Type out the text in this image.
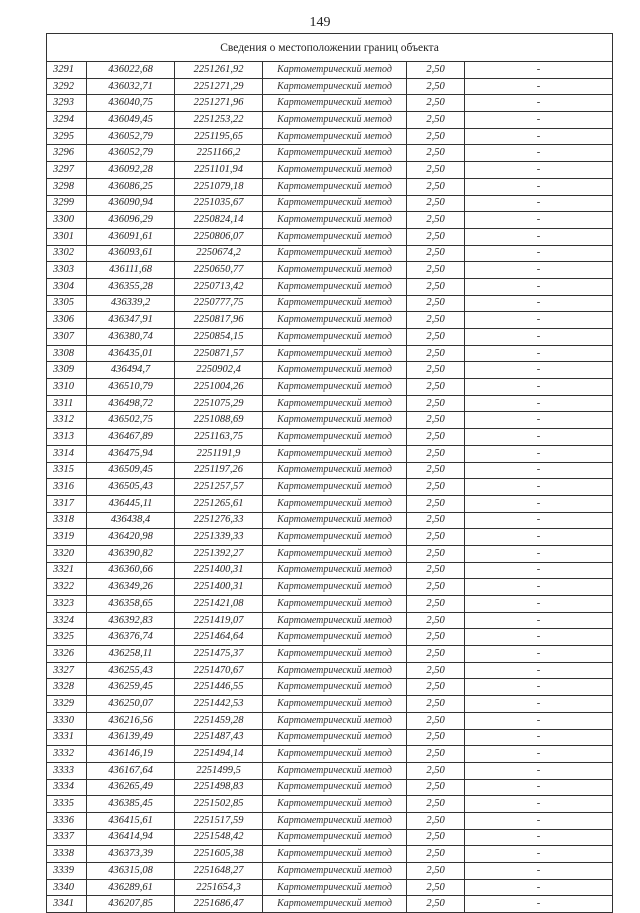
149
Сведения о местоположении границ объекта					
3291	436022,68	2251261,92	Картометрический метод	2,50	-
3292	436032,71	2251271,29	Картометрический метод	2,50	-
3293	436040,75	2251271,96	Картометрический метод	2,50	-
3294	436049,45	2251253,22	Картометрический метод	2,50	-
3295	436052,79	2251195,65	Картометрический метод	2,50	-
3296	436052,79	2251166,2	Картометрический метод	2,50	-
3297	436092,28	2251101,94	Картометрический метод	2,50	-
3298	436086,25	2251079,18	Картометрический метод	2,50	-
3299	436090,94	2251035,67	Картометрический метод	2,50	-
3300	436096,29	2250824,14	Картометрический метод	2,50	-
3301	436091,61	2250806,07	Картометрический метод	2,50	-
3302	436093,61	2250674,2	Картометрический метод	2,50	-
3303	436111,68	2250650,77	Картометрический метод	2,50	-
3304	436355,28	2250713,42	Картометрический метод	2,50	-
3305	436339,2	2250777,75	Картометрический метод	2,50	-
3306	436347,91	2250817,96	Картометрический метод	2,50	-
3307	436380,74	2250854,15	Картометрический метод	2,50	-
3308	436435,01	2250871,57	Картометрический метод	2,50	-
3309	436494,7	2250902,4	Картометрический метод	2,50	-
3310	436510,79	2251004,26	Картометрический метод	2,50	-
3311	436498,72	2251075,29	Картометрический метод	2,50	-
3312	436502,75	2251088,69	Картометрический метод	2,50	-
3313	436467,89	2251163,75	Картометрический метод	2,50	-
3314	436475,94	2251191,9	Картометрический метод	2,50	-
3315	436509,45	2251197,26	Картометрический метод	2,50	-
3316	436505,43	2251257,57	Картометрический метод	2,50	-
3317	436445,11	2251265,61	Картометрический метод	2,50	-
3318	436438,4	2251276,33	Картометрический метод	2,50	-
3319	436420,98	2251339,33	Картометрический метод	2,50	-
3320	436390,82	2251392,27	Картометрический метод	2,50	-
3321	436360,66	2251400,31	Картометрический метод	2,50	-
3322	436349,26	2251400,31	Картометрический метод	2,50	-
3323	436358,65	2251421,08	Картометрический метод	2,50	-
3324	436392,83	2251419,07	Картометрический метод	2,50	-
3325	436376,74	2251464,64	Картометрический метод	2,50	-
3326	436258,11	2251475,37	Картометрический метод	2,50	-
3327	436255,43	2251470,67	Картометрический метод	2,50	-
3328	436259,45	2251446,55	Картометрический метод	2,50	-
3329	436250,07	2251442,53	Картометрический метод	2,50	-
3330	436216,56	2251459,28	Картометрический метод	2,50	-
3331	436139,49	2251487,43	Картометрический метод	2,50	-
3332	436146,19	2251494,14	Картометрический метод	2,50	-
3333	436167,64	2251499,5	Картометрический метод	2,50	-
3334	436265,49	2251498,83	Картометрический метод	2,50	-
3335	436385,45	2251502,85	Картометрический метод	2,50	-
3336	436415,61	2251517,59	Картометрический метод	2,50	-
3337	436414,94	2251548,42	Картометрический метод	2,50	-
3338	436373,39	2251605,38	Картометрический метод	2,50	-
3339	436315,08	2251648,27	Картометрический метод	2,50	-
3340	436289,61	2251654,3	Картометрический метод	2,50	-
3341	436207,85	2251686,47	Картометрический метод	2,50	-
